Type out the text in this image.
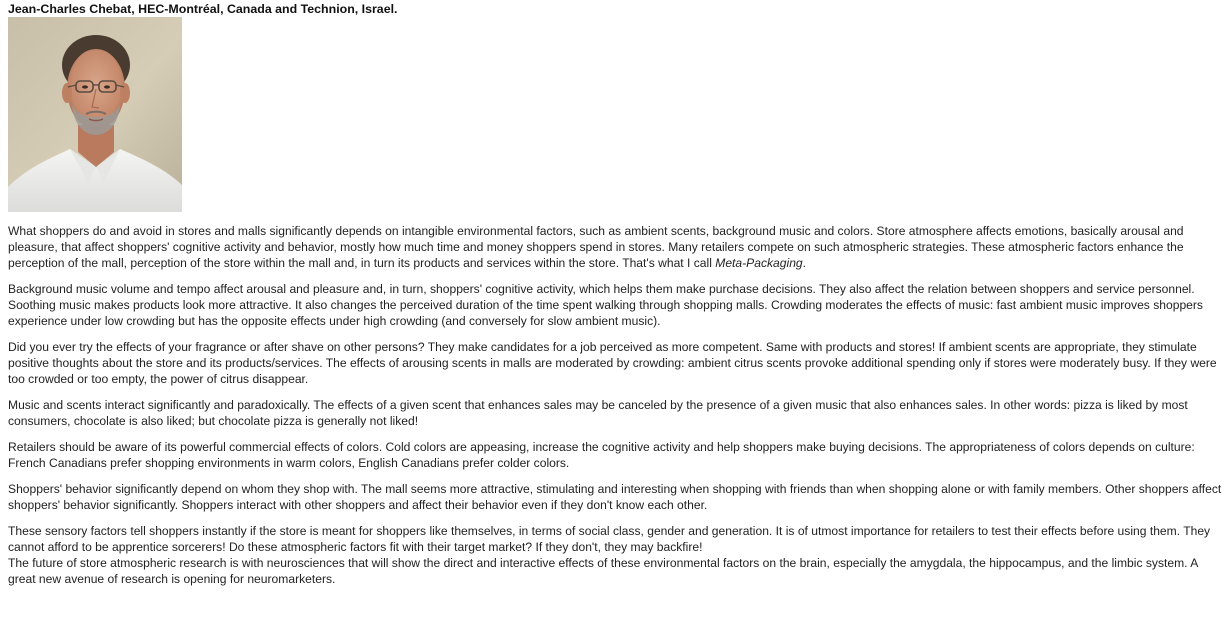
Jean-Charles Chebat, HEC-Montréal, Canada and Technion, Israel.

What shoppers do and avoid in stores and malls significantly depends on intangible environmental factors, such as ambient scents, background music and colors. Store atmosphere affects emotions, basically arousal and pleasure, that affect shoppers' cognitive activity and behavior, mostly how much time and money shoppers spend in stores. Many retailers compete on such atmospheric strategies. These atmospheric factors enhance the perception of the mall, perception of the store within the mall and, in turn its products and services within the store. That's what I call Meta-Packaging.

Background music volume and tempo affect arousal and pleasure and, in turn, shoppers' cognitive activity, which helps them make purchase decisions. They also affect the relation between shoppers and service personnel. Soothing music makes products look more attractive. It also changes the perceived duration of the time spent walking through shopping malls. Crowding moderates the effects of music: fast ambient music improves shoppers experience under low crowding but has the opposite effects under high crowding (and conversely for slow ambient music).

Did you ever try the effects of your fragrance or after shave on other persons? They make candidates for a job perceived as more competent. Same with products and stores! If ambient scents are appropriate, they stimulate positive thoughts about the store and its products/services. The effects of arousing scents in malls are moderated by crowding: ambient citrus scents provoke additional spending only if stores were moderately busy. If they were too crowded or too empty, the power of citrus disappear.

Music and scents interact significantly and paradoxically. The effects of a given scent that enhances sales may be canceled by the presence of a given music that also enhances sales. In other words: pizza is liked by most consumers, chocolate is also liked; but chocolate pizza is generally not liked!

Retailers should be aware of its powerful commercial effects of colors. Cold colors are appeasing, increase the cognitive activity and help shoppers make buying decisions. The appropriateness of colors depends on culture: French Canadians prefer shopping environments in warm colors, English Canadians prefer colder colors.

Shoppers' behavior significantly depend on whom they shop with. The mall seems more attractive, stimulating and interesting when shopping with friends than when shopping alone or with family members. Other shoppers affect shoppers' behavior significantly. Shoppers interact with other shoppers and affect their behavior even if they don't know each other.

These sensory factors tell shoppers instantly if the store is meant for shoppers like themselves, in terms of social class, gender and generation. It is of utmost importance for retailers to test their effects before using them. They cannot afford to be apprentice sorcerers! Do these atmospheric factors fit with their target market? If they don't, they may backfire!
The future of store atmospheric research is with neurosciences that will show the direct and interactive effects of these environmental factors on the brain, especially the amygdala, the hippocampus, and the limbic system. A great new avenue of research is opening for neuromarketers.
